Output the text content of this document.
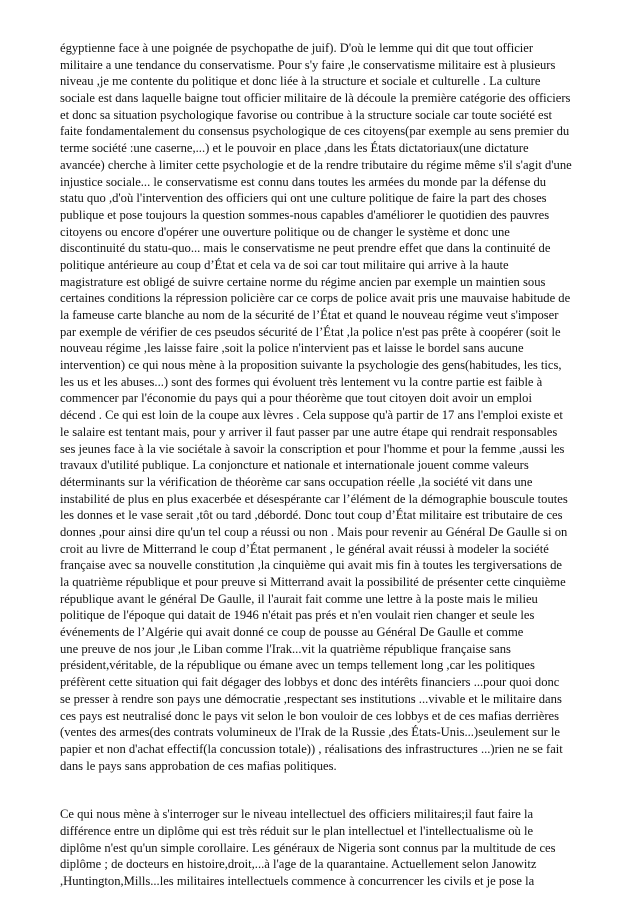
égyptienne face à une poignée de psychopathe de juif). D'où le lemme qui dit que tout officier
militaire a une tendance du conservatisme. Pour s'y faire ,le conservatisme militaire est à plusieurs
niveau ,je me contente du politique et donc liée à la structure et sociale et culturelle . La culture
sociale est dans laquelle baigne tout officier militaire de là découle la première catégorie des officiers
et donc sa situation psychologique favorise ou contribue à la structure sociale car toute société est
faite fondamentalement du consensus psychologique de ces citoyens(par exemple au sens premier du
terme société :une caserne,...) et le pouvoir en place ,dans les États dictatoriaux(une dictature
avancée) cherche à limiter cette psychologie et de la rendre tributaire du régime même s'il s'agit d'une
injustice sociale... le conservatisme est connu dans toutes les armées du monde par la défense du
statu quo ,d'où l'intervention des officiers qui ont une culture politique de faire la part des choses
publique et pose toujours la question sommes-nous capables d'améliorer le quotidien des pauvres
citoyens ou encore d'opérer une ouverture politique ou de changer le système et donc une
discontinuité du statu-quo... mais le conservatisme ne peut prendre effet que dans la continuité de
politique antérieure au coup d’État et cela va de soi car tout militaire qui arrive à la haute
magistrature est obligé de suivre certaine norme du régime ancien par exemple un maintien sous
certaines conditions la répression policière car ce corps de police avait pris une mauvaise habitude de
la fameuse carte blanche au nom de la sécurité de l’État et quand le nouveau régime veut s'imposer
par exemple de vérifier de ces pseudos sécurité de l’État ,la police n'est pas prête à coopérer (soit le
nouveau régime ,les laisse faire ,soit la police n'intervient pas et laisse le bordel sans aucune
intervention) ce qui nous mène à la proposition suivante la psychologie des gens(habitudes, les tics,
les us et les abuses...) sont des formes qui évoluent très lentement vu la contre partie est faible à
commencer par l'économie du pays qui a pour théorème que tout citoyen doit avoir un emploi
décend . Ce qui est loin de la coupe aux lèvres . Cela suppose qu'à partir de 17 ans l'emploi existe et
le salaire est tentant mais, pour y arriver il faut passer par une autre étape qui rendrait responsables
ses jeunes face à la vie sociétale à savoir la conscription et pour l'homme et pour la femme ,aussi les
travaux d'utilité publique. La conjoncture et nationale et internationale jouent comme valeurs
déterminants sur la vérification de théorème car sans occupation réelle ,la société vit dans une
instabilité de plus en plus exacerbée et désespérante car l’élément de la démographie bouscule toutes
les donnes et le vase serait ,tôt ou tard ,débordé. Donc tout coup d’État militaire est tributaire de ces
donnes ,pour ainsi dire qu'un tel coup a réussi ou non . Mais pour revenir au Général De Gaulle si on
croit au livre de Mitterrand le coup d’État permanent , le général avait réussi à modeler la société
française avec sa nouvelle constitution ,la cinquième qui avait mis fin à toutes les tergiversations de
la quatrième république et pour preuve si Mitterrand avait la possibilité de présenter cette cinquième
république avant le général De Gaulle, il l'aurait fait comme une lettre à la poste mais le milieu
politique de l'époque qui datait de 1946 n'était pas prés et n'en voulait rien changer et seule les
événements de l’Algérie qui avait donné ce coup de pousse au Général De Gaulle et comme
une preuve de nos jour ,le Liban comme l'Irak...vit la quatrième république française sans
président,véritable, de la république ou émane avec un temps tellement long ,car les politiques
préfèrent cette situation qui fait dégager des lobbys et donc des intérêts financiers ...pour quoi donc
se presser à rendre son pays une démocratie ,respectant ses institutions ...vivable et le militaire dans
ces pays est neutralisé donc le pays vit selon le bon vouloir de ces lobbys et de ces mafias derrières
(ventes des armes(des contrats volumineux de l'Irak de la Russie ,des États-Unis...)seulement sur le
papier et non d'achat effectif(la concussion totale)) , réalisations des infrastructures ...)rien ne se fait
dans le pays sans approbation de ces mafias politiques.
Ce qui nous mène à s'interroger sur le niveau intellectuel des officiers militaires;il faut faire la
différence entre un diplôme qui est très réduit sur le plan intellectuel et l'intellectualisme où le
diplôme n'est qu'un simple corollaire. Les généraux de Nigeria sont connus par la multitude de ces
diplôme ; de docteurs en histoire,droit,...à l'age de la quarantaine. Actuellement selon Janowitz
,Huntington,Mills...les militaires intellectuels commence à concurrencer les civils et je pose la
